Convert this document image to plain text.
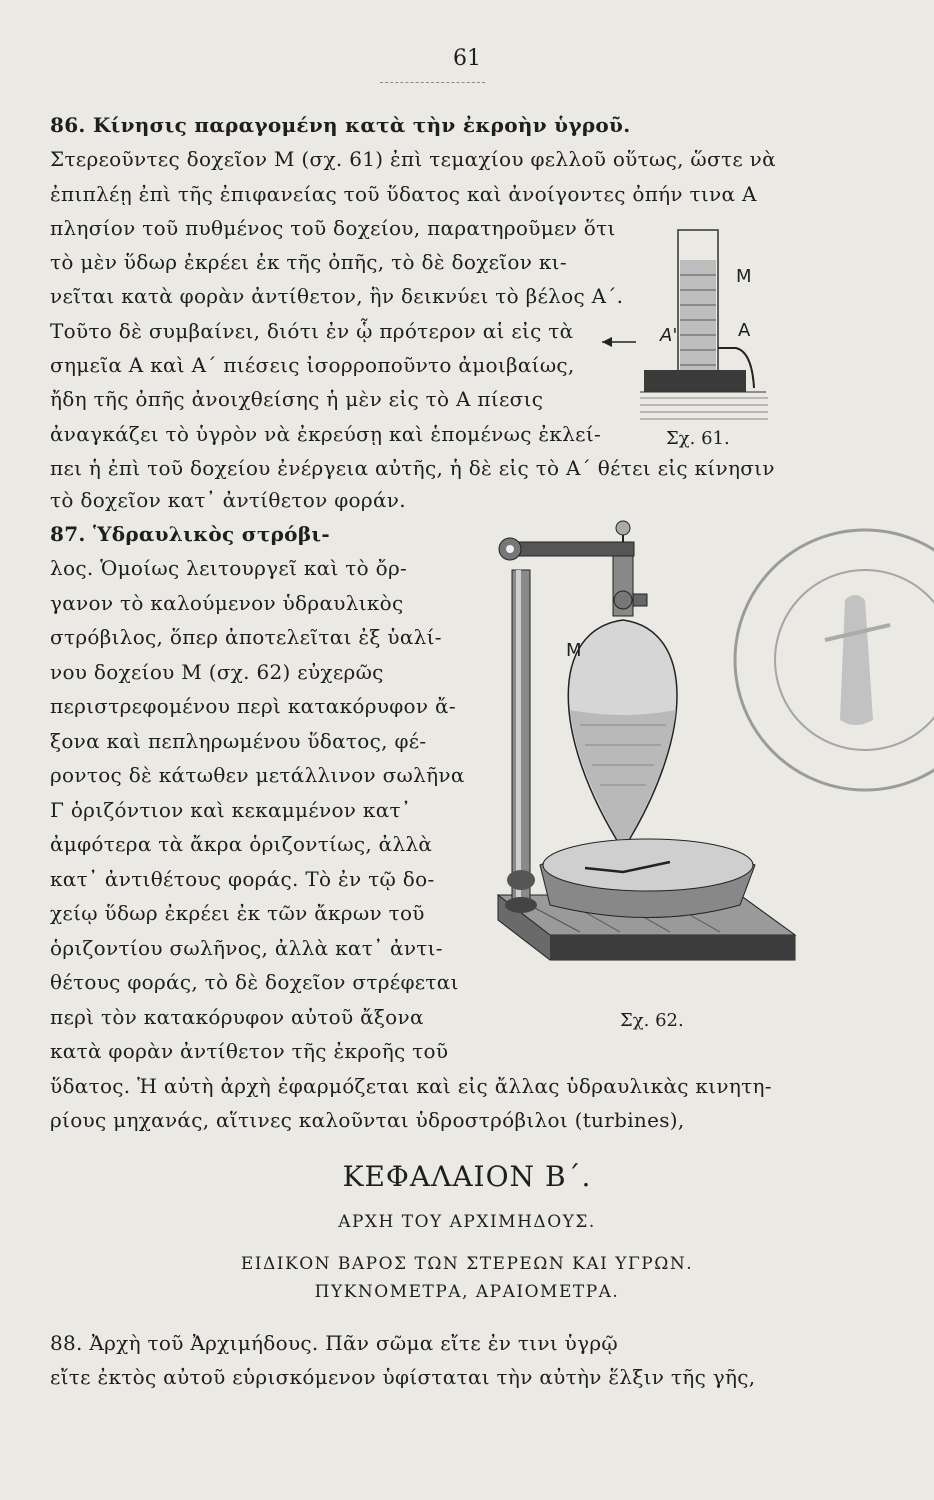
61
86. Κίνησις παραγομένη κατὰ τὴν ἐκροὴν ὑγροῦ.
Στερεοῦντες δοχεῖον Μ (σχ. 61) ἐπὶ τεμαχίου φελλοῦ οὕτως, ὥστε νὰ
ἐπιπλέῃ ἐπὶ τῆς ἐπιφανείας τοῦ ὕδατος καὶ ἀνοίγοντες ὀπήν τινα Α
πλησίον τοῦ πυθμένος τοῦ δοχείου, παρατηροῦμεν ὅτι
τὸ μὲν ὕδωρ ἐκρέει ἐκ τῆς ὀπῆς, τὸ δὲ δοχεῖον κι-
νεῖται κατὰ φορὰν ἀντίθετον, ἣν δεικνύει τὸ βέλος Α΄.
Τοῦτο δὲ συμβαίνει, διότι ἐν ᾧ πρότερον αἱ εἰς τὰ
σημεῖα Α καὶ Α΄ πιέσεις ἰσορροποῦντο ἀμοιβαίως,
ἤδη τῆς ὀπῆς ἀνοιχθείσης ἡ μὲν εἰς τὸ Α πίεσις
ἀναγκάζει τὸ ὑγρὸν νὰ ἐκρεύσῃ καὶ ἑπομένως ἐκλεί-
πει ἡ ἐπὶ τοῦ δοχείου ἐνέργεια αὐτῆς, ἡ δὲ εἰς τὸ Α΄ θέτει εἰς κίνησιν
τὸ δοχεῖον κατ᾽ ἀντίθετον φοράν.
M
A
A'
Σχ. 61.
87. Ὑδραυλικὸς στρόβι-
λος. Ὁμοίως λειτουργεῖ καὶ τὸ ὄρ-
γανον τὸ καλούμενον ὑδραυλικὸς
στρόβιλος, ὅπερ ἀποτελεῖται ἐξ ὑαλί-
νου δοχείου Μ (σχ. 62) εὐχερῶς
περιστρεφομένου περὶ κατακόρυφον ἄ-
ξονα καὶ πεπληρωμένου ὕδατος, φέ-
ροντος δὲ κάτωθεν μετάλλινον σωλῆνα
Γ ὁριζόντιον καὶ κεκαμμένον κατ᾽
ἀμφότερα τὰ ἄκρα ὁριζοντίως, ἀλλὰ
κατ᾽ ἀντιθέτους φοράς. Τὸ ἐν τῷ δο-
χείῳ ὕδωρ ἐκρέει ἐκ τῶν ἄκρων τοῦ
ὁριζοντίου σωλῆνος, ἀλλὰ κατ᾽ ἀντι-
θέτους φοράς, τὸ δὲ δοχεῖον στρέφεται
περὶ τὸν κατακόρυφον αὐτοῦ ἄξονα
κατὰ φορὰν ἀντίθετον τῆς ἐκροῆς τοῦ
ὕδατος. Ἡ αὐτὴ ἀρχὴ ἐφαρμόζεται καὶ εἰς ἄλλας ὑδραυλικὰς κινητη-
ρίους μηχανάς, αἵτινες καλοῦνται ὑδροστρόβιλοι (turbines),
M
Σχ. 62.
ΚΕΦΑΛΑΙΟΝ Β΄.
ΑΡΧΗ ΤΟΥ ΑΡΧΙΜΗΔΟΥΣ.
ΕΙΔΙΚΟΝ ΒΑΡΟΣ ΤΩΝ ΣΤΕΡΕΩΝ ΚΑΙ ΥΓΡΩΝ.
ΠΥΚΝΟΜΕΤΡΑ, ΑΡΑΙΟΜΕΤΡΑ.
88. Ἀρχὴ τοῦ Ἀρχιμήδους. Πᾶν σῶμα εἴτε ἐν τινι ὑγρῷ
εἴτε ἐκτὸς αὐτοῦ εὑρισκόμενον ὑφίσταται τὴν αὐτὴν ἕλξιν τῆς γῆς,
